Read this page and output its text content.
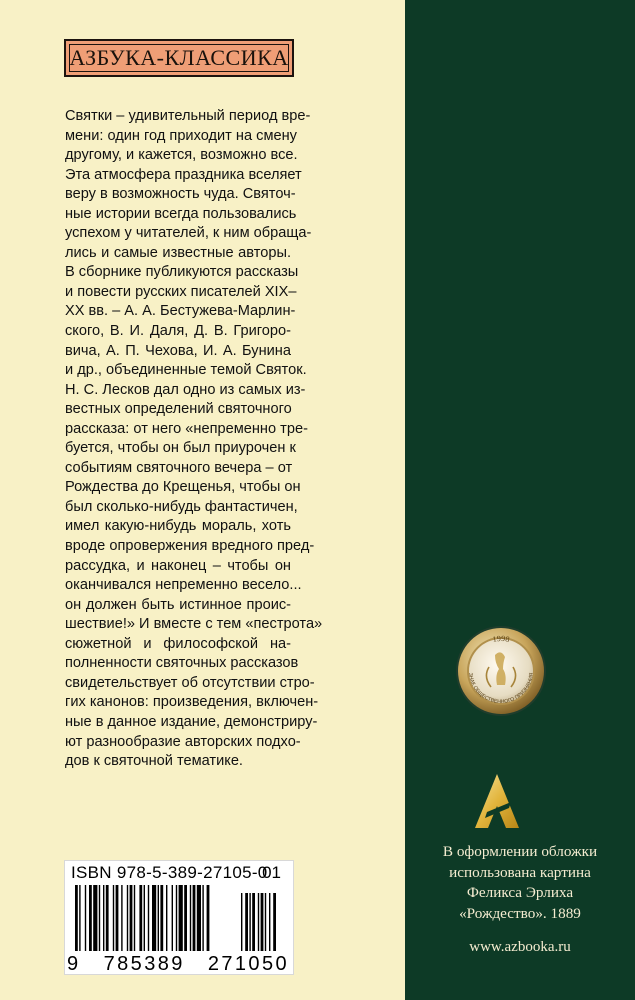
АЗБУКА-КЛАССИКА
Святки – удивительный период вре-
мени: один год приходит на смену
другому, и кажется, возможно все.
Эта атмосфера праздника вселяет
веру в возможность чуда. Святоч-
ные истории всегда пользовались
успехом у читателей, к ним обраща-
лись и самые известные авторы.
В сборнике публикуются рассказы
и повести русских писателей XIX–
XX вв. – А. А. Бестужева-Марлин-
ского, В. И. Даля, Д. В. Григоро-
вича, А. П. Чехова, И. А. Бунина
и др., объединенные темой Святок.
Н. С. Лесков дал одно из самых из-
вестных определений святочного
рассказа: от него «непременно тре-
буется, чтобы он был приурочен к
событиям святочного вечера – от
Рождества до Крещенья, чтобы он
был сколько-нибудь фантастичен,
имел какую-нибудь мораль, хоть
вроде опровержения вредного пред-
рассудка, и наконец – чтобы он
оканчивался непременно весело...
он должен быть истинное проис-
шествие!» И вместе с тем «пестрота»
сюжетной и философской на-
полненности святочных рассказов
свидетельствует об отсутствии стро-
гих канонов: произведения, включен-
ные в данное издание, демонстриру-
ют разнообразие авторских подхо-
дов к святочной тематике.
ISBN 978-5-389-27105-0
01
9 785389 271050
1998
ЗНАК ОБЩЕСТВЕННОГО ПРИЗНАНИЯ
В оформлении обложки
использована картина
Феликса Эрлиха
«Рождество». 1889
www.azbooka.ru
